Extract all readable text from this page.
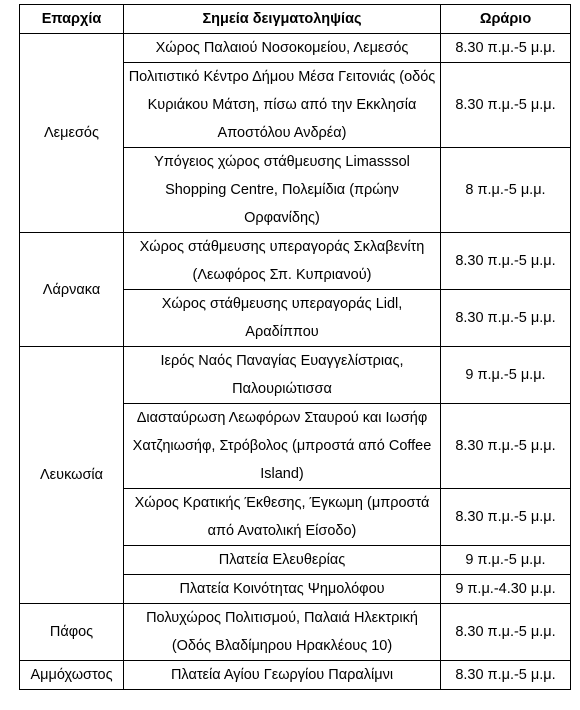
Επαρχία	Σημεία δειγματοληψίας	Ωράριο
Λεμεσός	Χώρος Παλαιού Νοσοκομείου, Λεμεσός	8.30 π.μ.-5 μ.μ.
	Πολιτιστικό Κέντρο Δήμου Μέσα Γειτονιάς (οδός Κυριάκου Μάτση, πίσω από την Εκκλησία Αποστόλου Ανδρέα)	8.30 π.μ.-5 μ.μ.
	Υπόγειος χώρος στάθμευσης Limasssol Shopping Centre, Πολεμίδια (πρώην Ορφανίδης)	8 π.μ.-5 μ.μ.
Λάρνακα	Χώρος στάθμευσης υπεραγοράς Σκλαβενίτη (Λεωφόρος Σπ. Κυπριανού)	8.30 π.μ.-5 μ.μ.
	Χώρος στάθμευσης υπεραγοράς Lidl, Αραδίππου	8.30 π.μ.-5 μ.μ.
Λευκωσία	Ιερός Ναός Παναγίας Ευαγγελίστριας, Παλουριώτισσα	9 π.μ.-5 μ.μ.
	Διασταύρωση Λεωφόρων Σταυρού και Ιωσήφ Χατζηιωσήφ, Στρόβολος (μπροστά από Coffee Island)	8.30 π.μ.-5 μ.μ.
	Χώρος Κρατικής Έκθεσης, Έγκωμη (μπροστά από Ανατολική Είσοδο)	8.30 π.μ.-5 μ.μ.
	Πλατεία Ελευθερίας	9 π.μ.-5 μ.μ.
	Πλατεία Κοινότητας Ψημολόφου	9 π.μ.-4.30 μ.μ.
Πάφος	Πολυχώρος Πολιτισμού, Παλαιά Ηλεκτρική (Οδός Βλαδίμηρου Ηρακλέους 10)	8.30 π.μ.-5 μ.μ.
Αμμόχωστος	Πλατεία Αγίου Γεωργίου Παραλίμνι	8.30 π.μ.-5 μ.μ.
